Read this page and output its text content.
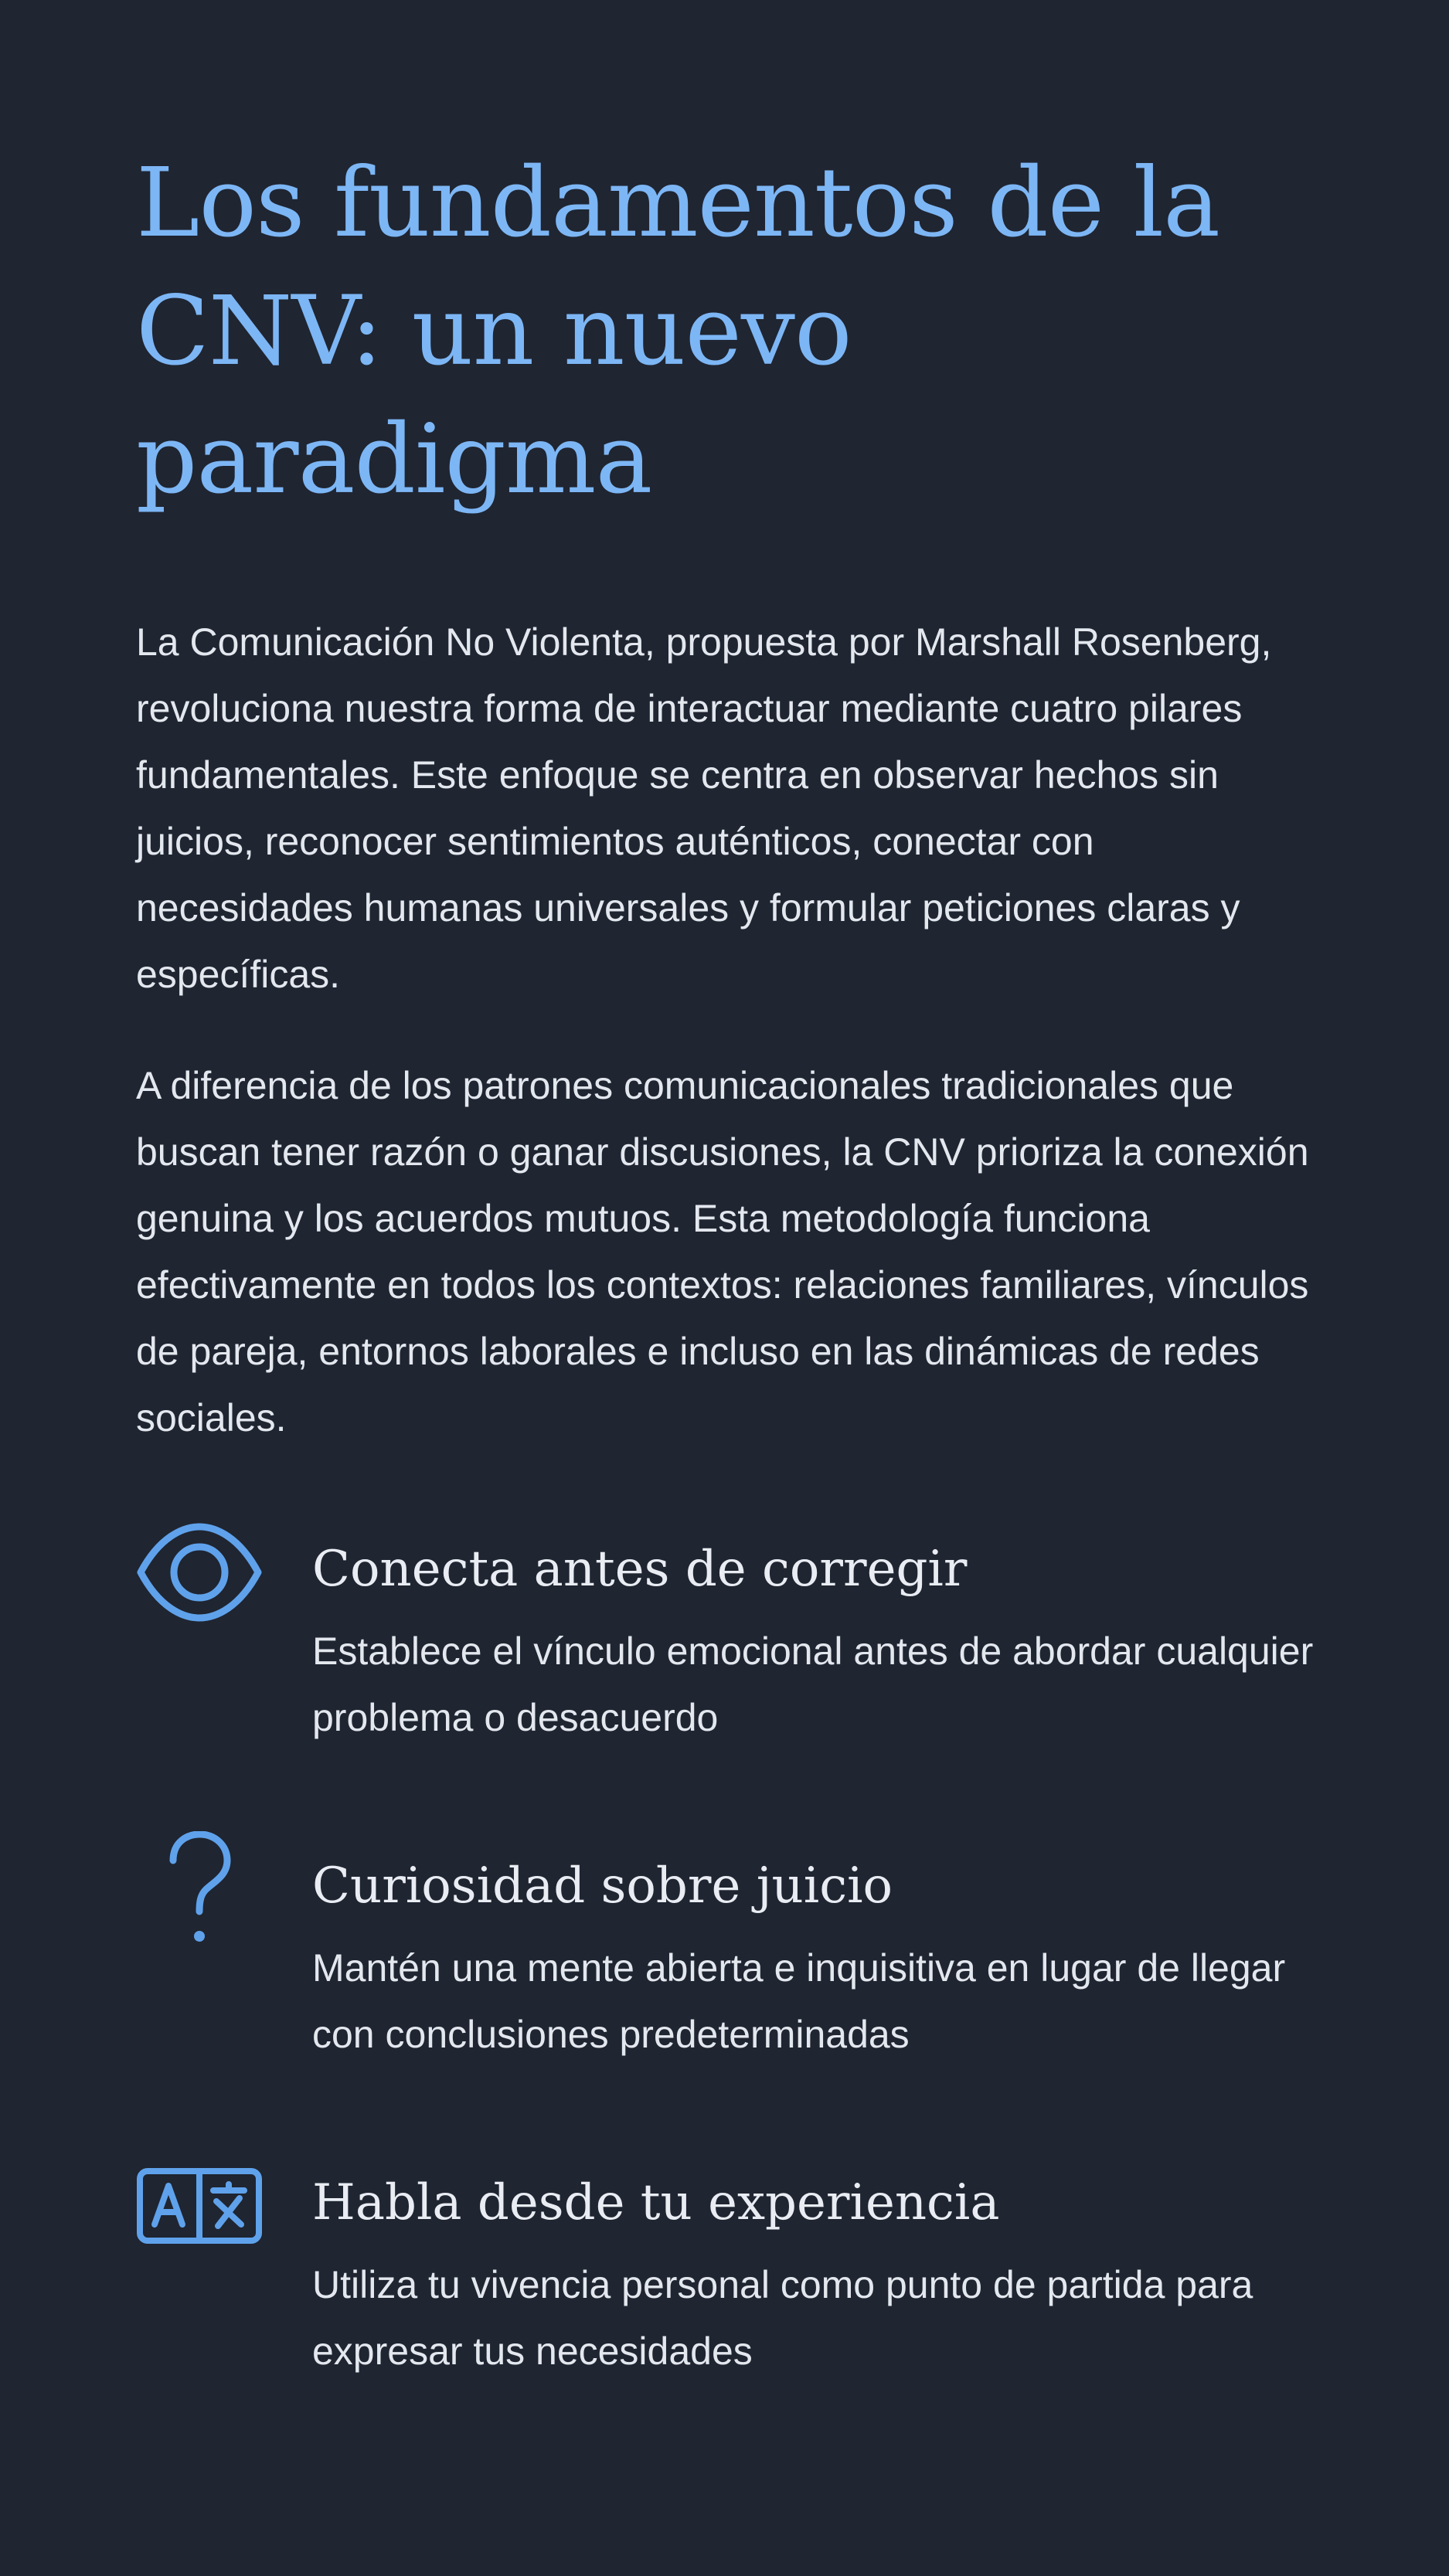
Los fundamentos de la CNV: un nuevo paradigma

La Comunicación No Violenta, propuesta por Marshall Rosenberg, revoluciona nuestra forma de interactuar mediante cuatro pilares fundamentales. Este enfoque se centra en observar hechos sin juicios, reconocer sentimientos auténticos, conectar con necesidades humanas universales y formular peticiones claras y específicas.

A diferencia de los patrones comunicacionales tradicionales que buscan tener razón o ganar discusiones, la CNV prioriza la conexión genuina y los acuerdos mutuos. Esta metodología funciona efectivamente en todos los contextos: relaciones familiares, vínculos de pareja, entornos laborales e incluso en las dinámicas de redes sociales.

Conecta antes de corregir

Establece el vínculo emocional antes de abordar cualquier problema o desacuerdo

Curiosidad sobre juicio

Mantén una mente abierta e inquisitiva en lugar de llegar con conclusiones predeterminadas

Habla desde tu experiencia

Utiliza tu vivencia personal como punto de partida para expresar tus necesidades
